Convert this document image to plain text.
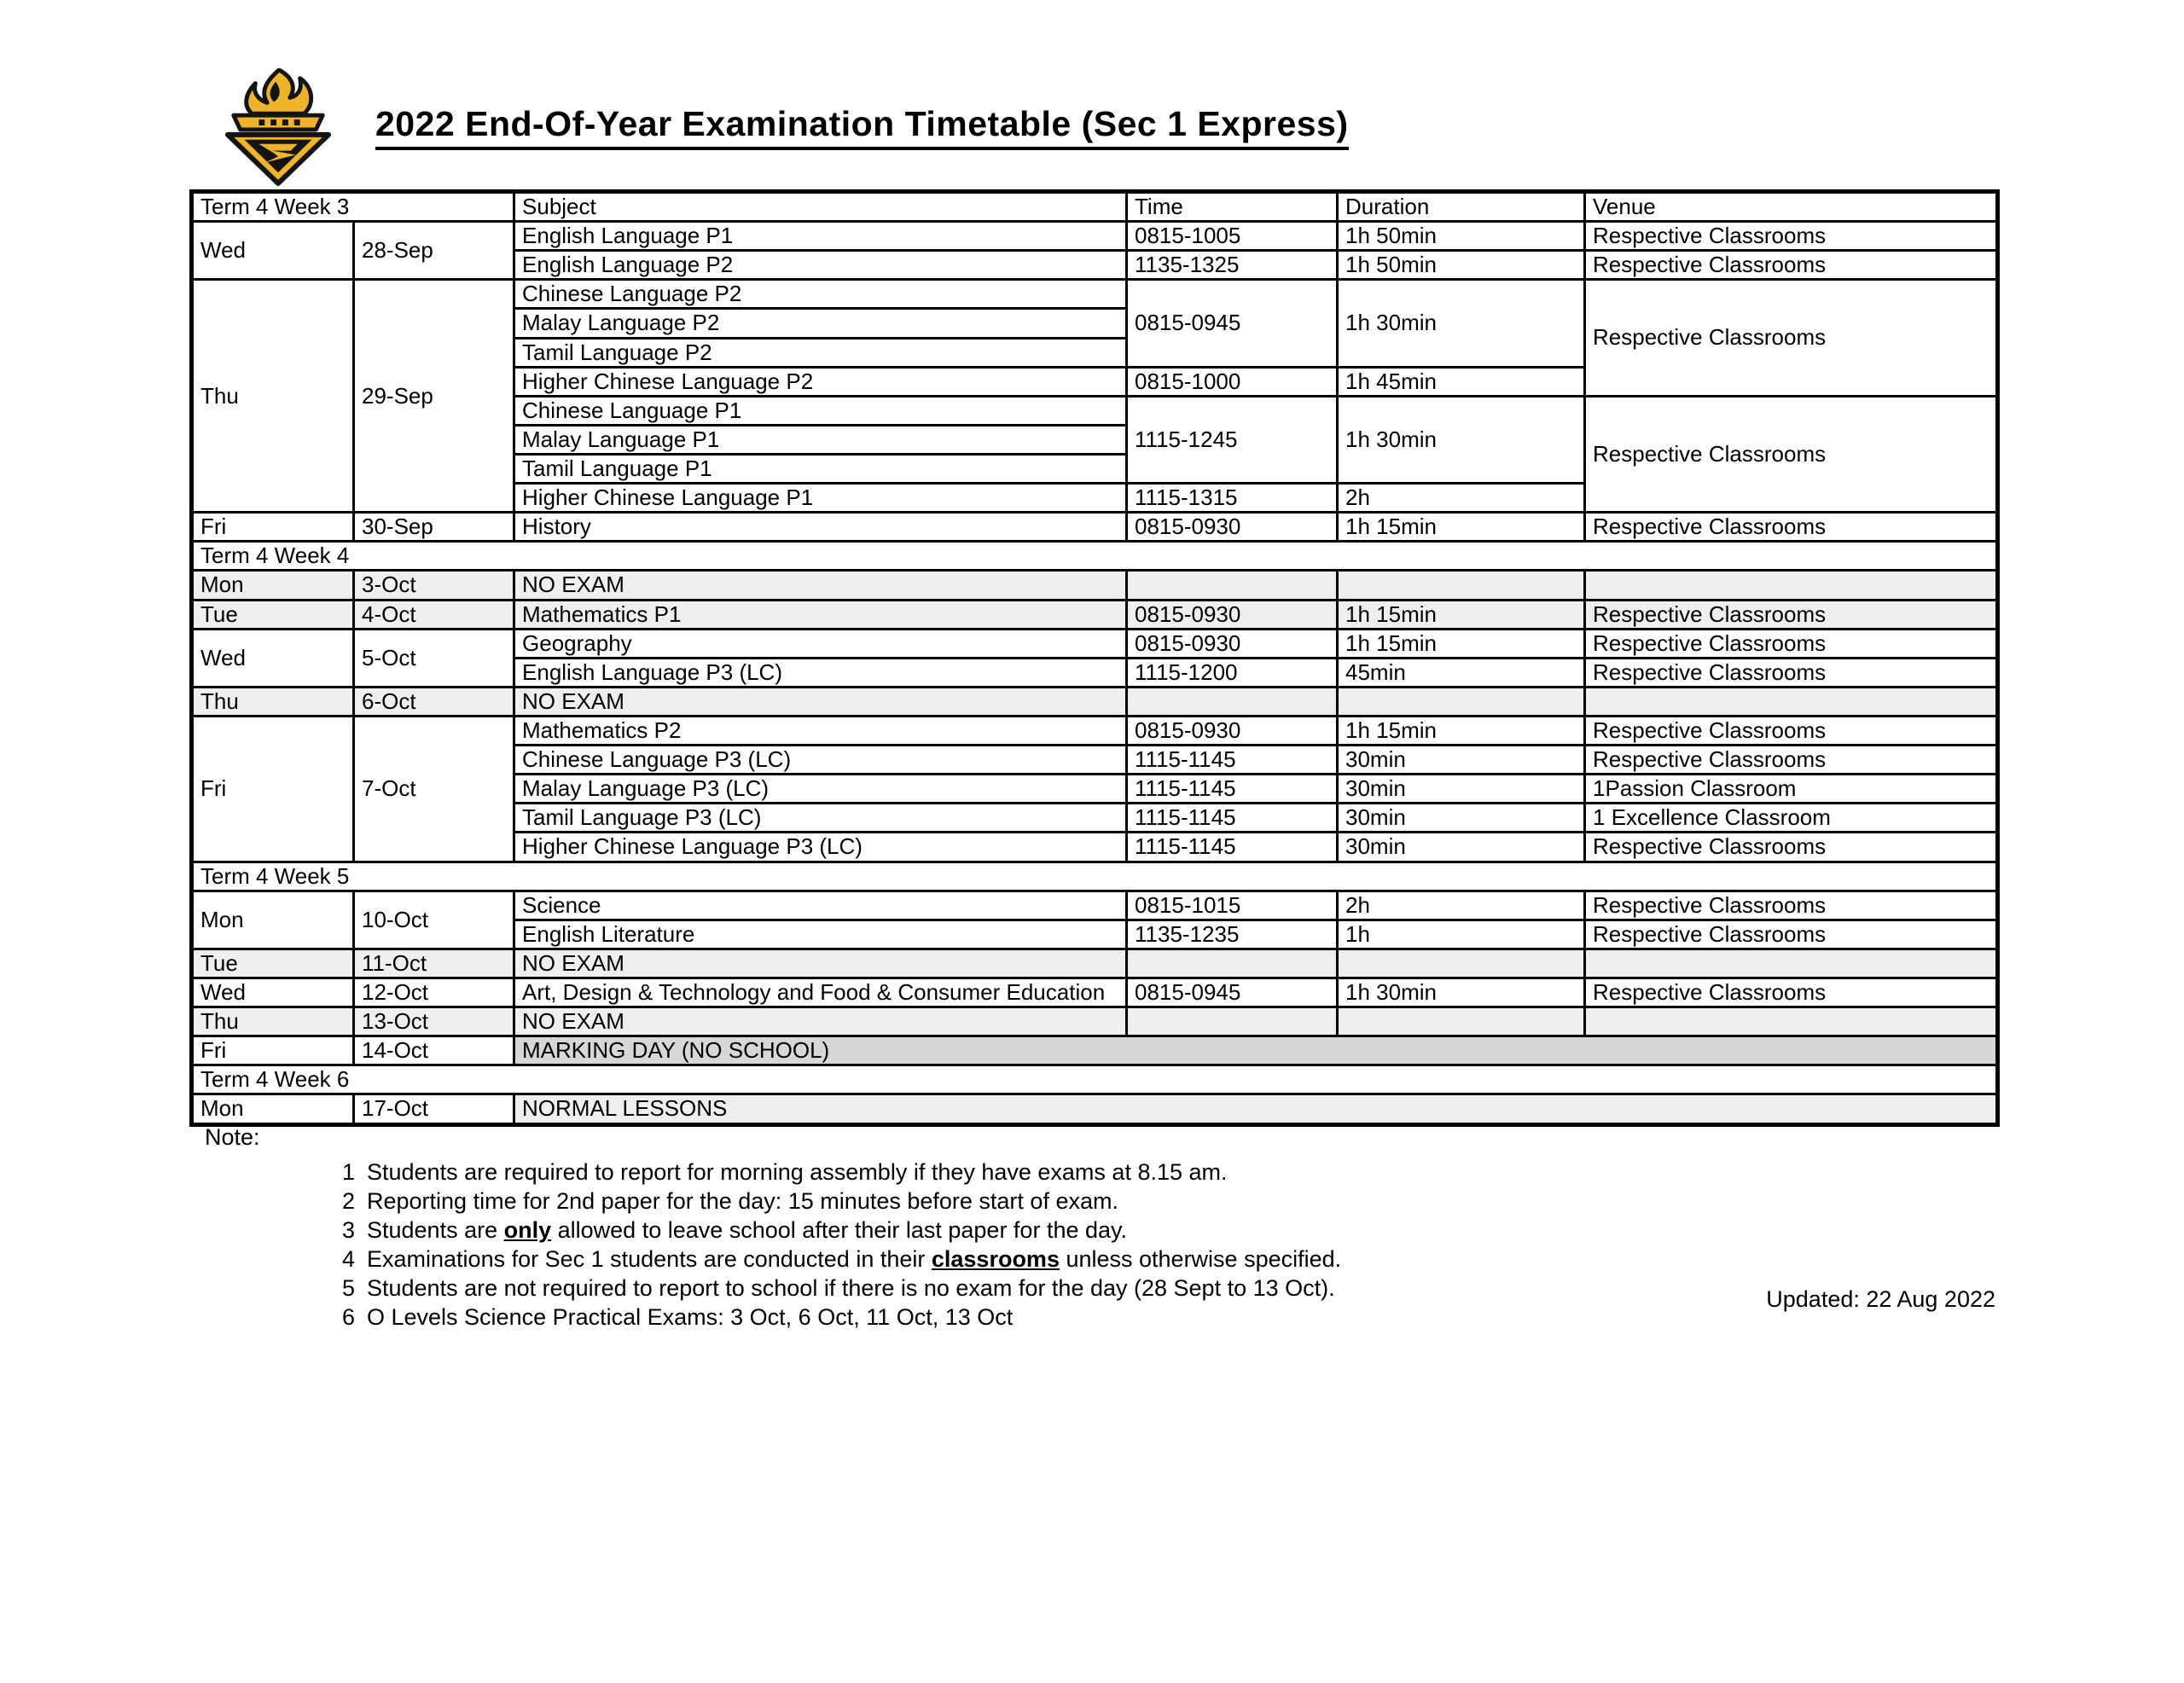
2022 End-Of-Year Examination Timetable (Sec 1 Express)
Term 4 Week 3		Subject	Time	Duration	Venue
Wed	28-Sep	English Language P1	0815-1005	1h 50min	Respective Classrooms
		English Language P2	1135-1325	1h 50min	Respective Classrooms
Thu	29-Sep	Chinese Language P2	0815-0945	1h 30min	Respective Classrooms
		Malay Language P2			
		Tamil Language P2			
		Higher Chinese Language P2	0815-1000	1h 45min	
		Chinese Language P1	1115-1245	1h 30min	Respective Classrooms
		Malay Language P1			
		Tamil Language P1			
		Higher Chinese Language P1	1115-1315	2h	
Fri	30-Sep	History	0815-0930	1h 15min	Respective Classrooms
Term 4 Week 4					
Mon	3-Oct	NO EXAM			
Tue	4-Oct	Mathematics P1	0815-0930	1h 15min	Respective Classrooms
Wed	5-Oct	Geography	0815-0930	1h 15min	Respective Classrooms
		English Language P3 (LC)	1115-1200	45min	Respective Classrooms
Thu	6-Oct	NO EXAM			
Fri	7-Oct	Mathematics P2	0815-0930	1h 15min	Respective Classrooms
		Chinese Language P3 (LC)	1115-1145	30min	Respective Classrooms
		Malay Language P3 (LC)	1115-1145	30min	1Passion Classroom
		Tamil Language P3 (LC)	1115-1145	30min	1 Excellence Classroom
		Higher Chinese Language P3 (LC)	1115-1145	30min	Respective Classrooms
Term 4 Week 5					
Mon	10-Oct	Science	0815-1015	2h	Respective Classrooms
		English Literature	1135-1235	1h	Respective Classrooms
Tue	11-Oct	NO EXAM			
Wed	12-Oct	Art, Design & Technology and Food & Consumer Education	0815-0945	1h 30min	Respective Classrooms
Thu	13-Oct	NO EXAM			
Fri	14-Oct	MARKING DAY (NO SCHOOL)			
Term 4 Week 6					
Mon	17-Oct	NORMAL LESSONS			
Note:
1 Students are required to report for morning assembly if they have exams at 8.15 am.
2 Reporting time for 2nd paper for the day: 15 minutes before start of exam.
3 Students are only allowed to leave school after their last paper for the day.
4 Examinations for Sec 1 students are conducted in their classrooms unless otherwise specified.
5 Students are not required to report to school if there is no exam for the day (28 Sept to 13 Oct).
6 O Levels Science Practical Exams: 3 Oct, 6 Oct, 11 Oct, 13 Oct
Updated: 22 Aug 2022
